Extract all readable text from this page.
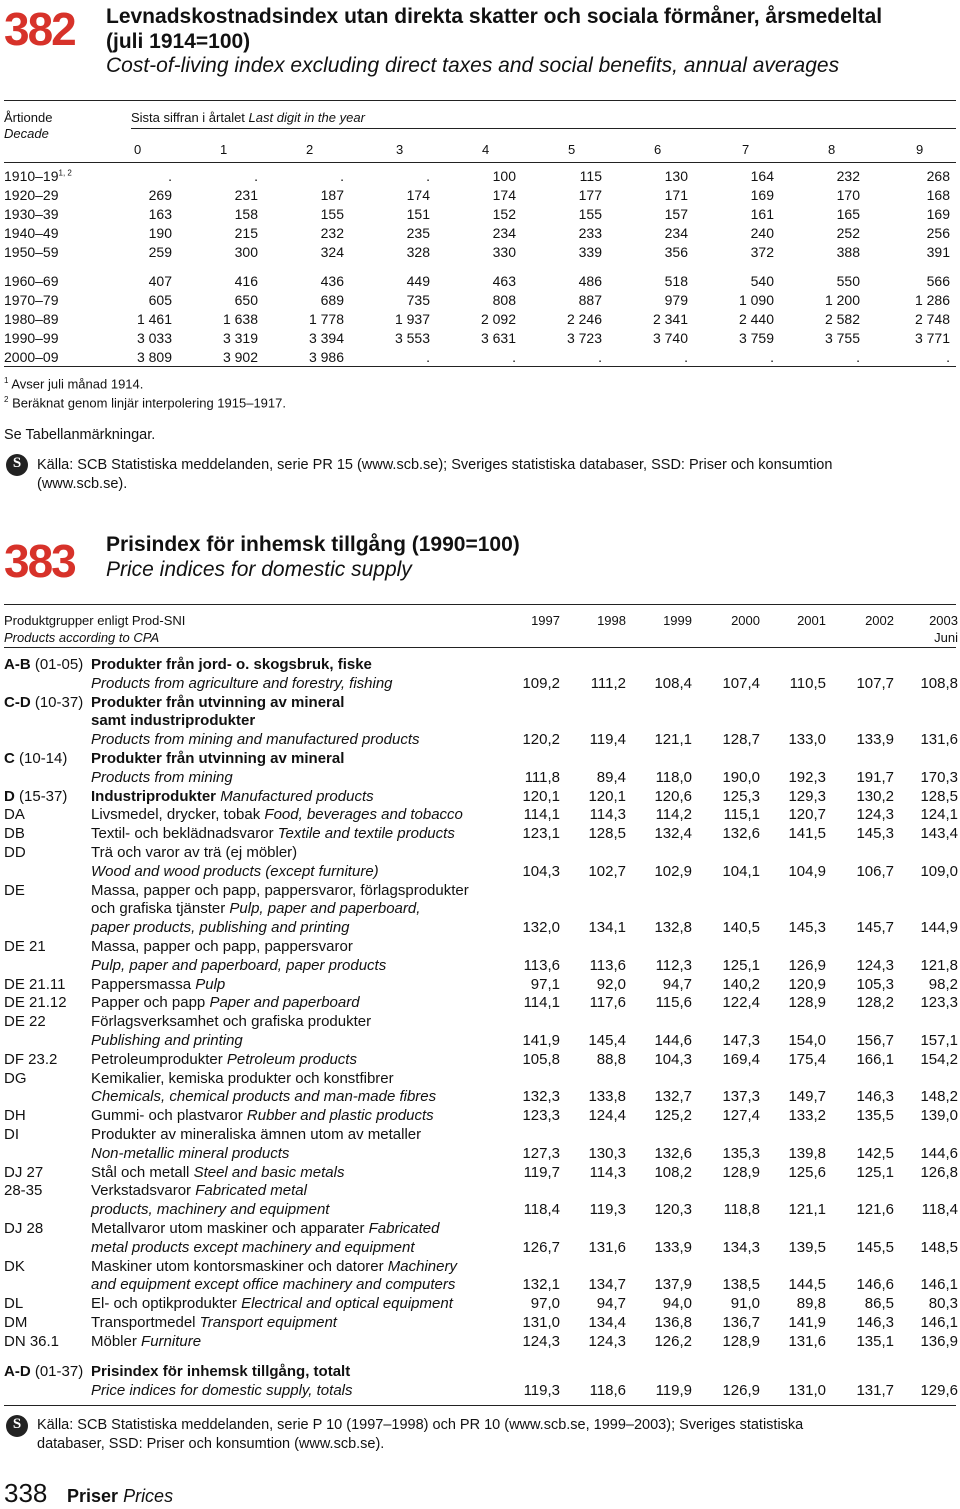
382 Levnadskostnadsindex utan direkta skatter och sociala förmåner, årsmedeltal
(juli 1914=100)
Cost-of-living index excluding direct taxes and social benefits, annual averages
Årtionde
Decade
Sista siffran i årtalet Last digit in the year
0	1	2	3	4	5	6	7	8	9
1910–19$^{1, 2}$	.	.	.	.	100	115	130	164	232	268
1920–29	269	231	187	174	174	177	171	169	170	168
1930–39	163	158	155	151	152	155	157	161	165	169
1940–49	190	215	232	235	234	233	234	240	252	256
1950–59	259	300	324	328	330	339	356	372	388	391
1960–69	407	416	436	449	463	486	518	540	550	566
1970–79	605	650	689	735	808	887	979	1 090	1 200	1 286
1980–89	1 461	1 638	1 778	1 937	2 092	2 246	2 341	2 440	2 582	2 748
1990–99	3 033	3 319	3 394	3 553	3 631	3 723	3 740	3 759	3 755	3 771
2000–09	3 809	3 902	3 986	.	.	.	.	.	.	.
$^1$ Avser juli månad 1914.
$^2$ Beräknat genom linjär interpolering 1915–1917.
Se Tabellanmärkningar.
S	Källa: SCB Statistiska meddelanden, serie PR 15 (www.scb.se); Sveriges statistiska databaser, SSD: Priser och konsumtion
(www.scb.se).
383 Prisindex för inhemsk tillgång (1990=100)
Price indices for domestic supply
Produktgrupper enligt Prod-SNI
Products according to CPA
1997	1998	1999	2000	2001	2002	2003
Juni
A-B (01-05) Produkter från jord- o. skogsbruk, fiske
Products from agriculture and forestry, fishing	109,2	111,2	108,4	107,4	110,5	107,7	108,8
C-D (10-37) Produkter från utvinning av mineral
samt industriprodukter
Products from mining and manufactured products	120,2	119,4	121,1	128,7	133,0	133,9	131,6
C (10-14) Produkter från utvinning av mineral
Products from mining	111,8	89,4	118,0	190,0	192,3	191,7	170,3
D (15-37) Industriprodukter Manufactured products	120,1	120,1	120,6	125,3	129,3	130,2	128,5
DA	Livsmedel, drycker, tobak Food, beverages and tobacco	114,1	114,3	114,2	115,1	120,7	124,3	124,1
DB	Textil- och beklädnadsvaror Textile and textile products	123,1	128,5	132,4	132,6	141,5	145,3	143,4
DD	Trä och varor av trä (ej möbler)
Wood and wood products (except furniture)	104,3	102,7	102,9	104,1	104,9	106,7	109,0
DE	Massa, papper och papp, pappersvaror, förlagsprodukter
och grafiska tjänster Pulp, paper and paperboard,
paper products, publishing and printing	132,0	134,1	132,8	140,5	145,3	145,7	144,9
DE 21	Massa, papper och papp, pappersvaror
Pulp, paper and paperboard, paper products	113,6	113,6	112,3	125,1	126,9	124,3	121,8
DE 21.11 Pappersmassa Pulp	97,1	92,0	94,7	140,2	120,9	105,3	98,2
DE 21.12 Papper och papp Paper and paperboard	114,1	117,6	115,6	122,4	128,9	128,2	123,3
DE 22	Förlagsverksamhet och grafiska produkter
Publishing and printing	141,9	145,4	144,6	147,3	154,0	156,7	157,1
DF 23.2 Petroleumprodukter Petroleum products	105,8	88,8	104,3	169,4	175,4	166,1	154,2
DG	Kemikalier, kemiska produkter och konstfibrer
Chemicals, chemical products and man-made fibres	132,3	133,8	132,7	137,3	149,7	146,3	148,2
DH	Gummi- och plastvaror Rubber and plastic products	123,3	124,4	125,2	127,4	133,2	135,5	139,0
DI	Produkter av mineraliska ämnen utom av metaller
Non-metallic mineral products	127,3	130,3	132,6	135,3	139,8	142,5	144,6
DJ 27	Stål och metall Steel and basic metals	119,7	114,3	108,2	128,9	125,6	125,1	126,8
28-35	Verkstadsvaror Fabricated metal
products, machinery and equipment	118,4	119,3	120,3	118,8	121,1	121,6	118,4
DJ 28	Metallvaror utom maskiner och apparater Fabricated
metal products except machinery and equipment	126,7	131,6	133,9	134,3	139,5	145,5	148,5
DK	Maskiner utom kontorsmaskiner och datorer Machinery
and equipment except office machinery and computers	132,1	134,7	137,9	138,5	144,5	146,6	146,1
DL	El- och optikprodukter Electrical and optical equipment	97,0	94,7	94,0	91,0	89,8	86,5	80,3
DM	Transportmedel Transport equipment	131,0	134,4	136,8	136,7	141,9	146,3	146,1
DN 36.1 Möbler Furniture	124,3	124,3	126,2	128,9	131,6	135,1	136,9
A-D (01-37) Prisindex för inhemsk tillgång, totalt
Price indices for domestic supply, totals	119,3	118,6	119,9	126,9	131,0	131,7	129,6
S	Källa: SCB Statistiska meddelanden, serie P 10 (1997–1998) och PR 10 (www.scb.se, 1999–2003); Sveriges statistiska
databaser, SSD: Priser och konsumtion (www.scb.se).
338 Priser Prices
